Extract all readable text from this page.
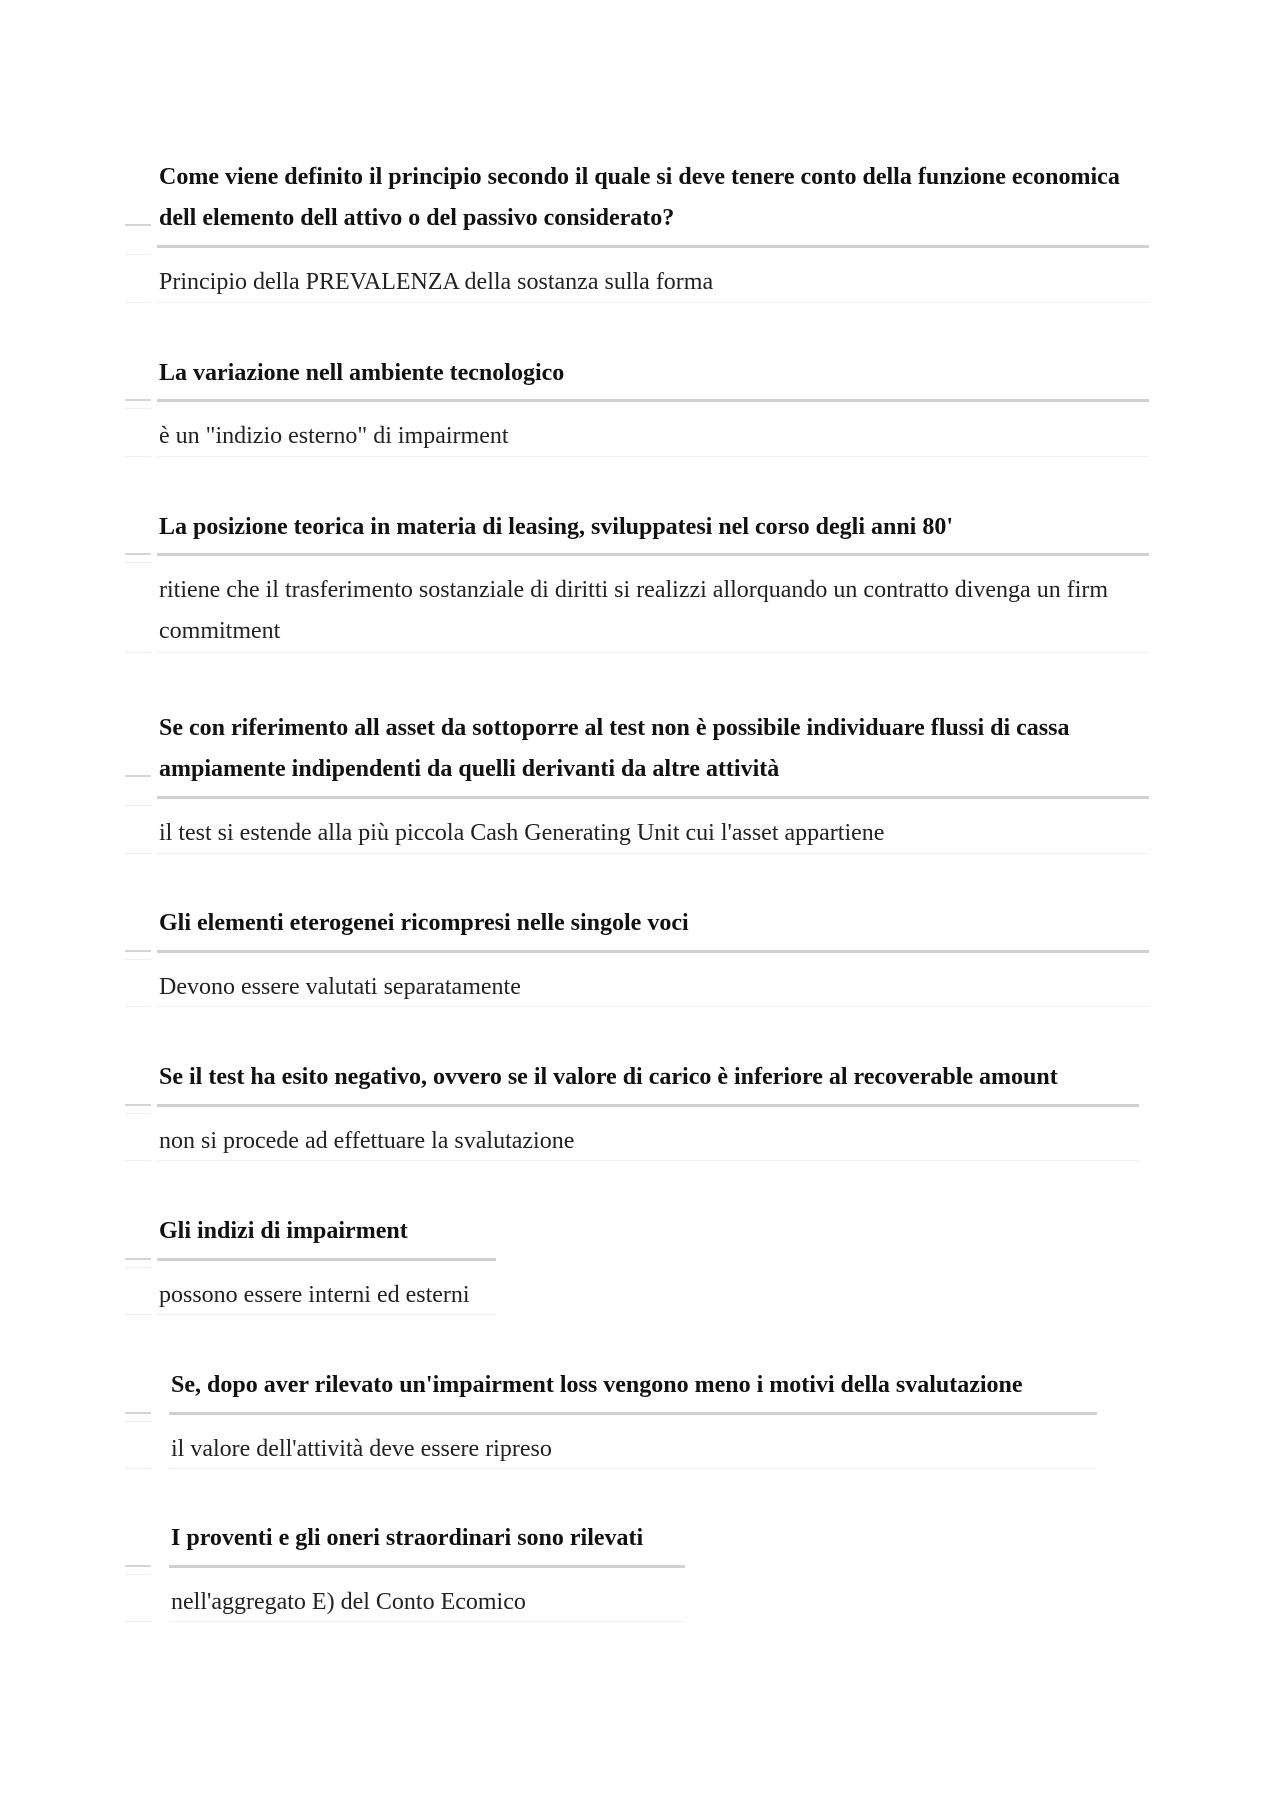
Come viene definito il principio secondo il quale si deve tenere conto della funzione economica dell elemento dell attivo o del passivo considerato?
Principio della PREVALENZA della sostanza sulla forma
La variazione nell ambiente tecnologico
è un "indizio esterno" di impairment
La posizione teorica in materia di leasing, sviluppatesi nel corso degli anni 80'
ritiene che il trasferimento sostanziale di diritti si realizzi allorquando un contratto divenga un firm commitment
Se con riferimento all asset da sottoporre al test non è possibile individuare flussi di cassa ampiamente indipendenti da quelli derivanti da altre attività
il test si estende alla più piccola Cash Generating Unit cui l'asset appartiene
Gli elementi eterogenei ricompresi nelle singole voci
Devono essere valutati separatamente
Se il test ha esito negativo, ovvero se il valore di carico è inferiore al recoverable amount
non si procede ad effettuare la svalutazione
Gli indizi di impairment
possono essere interni ed esterni
Se, dopo aver rilevato un'impairment loss vengono meno i motivi della svalutazione
il valore dell'attività deve essere ripreso
I proventi e gli oneri straordinari sono rilevati
nell'aggregato E) del Conto Ecomico
